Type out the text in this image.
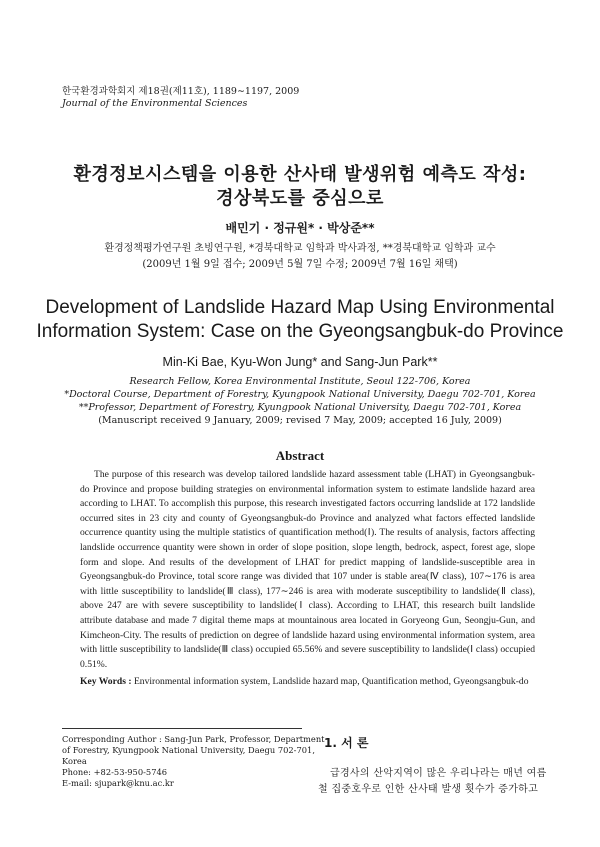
한국환경과학회지 제18권(제11호), 1189∼1197, 2009
Journal of the Environmental Sciences
환경정보시스템을 이용한 산사태 발생위험 예측도 작성:
경상북도를 중심으로
배민기 · 정규원* · 박상준**
환경정책평가연구원 초빙연구원, *경북대학교 임학과 박사과정, **경북대학교 임학과 교수
(2009년 1월 9일 접수; 2009년 5월 7일 수정; 2009년 7월 16일 채택)
Development of Landslide Hazard Map Using Environmental
Information System: Case on the Gyeongsangbuk-do Province
Min-Ki Bae, Kyu-Won Jung* and Sang-Jun Park**
Research Fellow, Korea Environmental Institute, Seoul 122-706, Korea
*Doctoral Course, Department of Forestry, Kyungpook National University, Daegu 702-701, Korea
**Professor, Department of Forestry, Kyungpook National University, Daegu 702-701, Korea
(Manuscript received 9 January, 2009; revised 7 May, 2009; accepted 16 July, 2009)
Abstract

The purpose of this research was develop tailored landslide hazard assessment table (LHAT) in Gyeongsangbuk-do Province and propose building strategies on environmental information system to estimate landslide hazard area according to LHAT. To accomplish this purpose, this research investigated factors occurring landslide at 172 landslide occurred sites in 23 city and county of Gyeongsangbuk-do Province and analyzed what factors effected landslide occurrence quantity using the multiple statistics of quantification method(Ⅰ). The results of analysis, factors affecting landslide occurrence quantity were shown in order of slope position, slope length, bedrock, aspect, forest age, slope form and slope. And results of the development of LHAT for predict mapping of landslide-susceptible area in Gyeongsangbuk-do Province, total score range was divided that 107 under is stable area(Ⅳ class), 107∼176 is area with little susceptibility to landslide(Ⅲ class), 177∼246 is area with moderate susceptibility to landslide(Ⅱ class), above 247 are with severe susceptibility to landslide(Ⅰ class). According to LHAT, this research built landslide attribute database and made 7 digital theme maps at mountainous area located in Goryeong Gun, Seongju-Gun, and Kimcheon-City. The results of prediction on degree of landslide hazard using environmental information system, area with little susceptibility to landslide(Ⅲ class) occupied 65.56% and severe susceptibility to landslide(Ⅰ class) occupied 0.51%.

Key Words : Environmental information system, Landslide hazard map, Quantification method, Gyeongsangbuk-do
Corresponding Author : Sang-Jun Park, Professor, Department
of Forestry, Kyungpook National University, Daegu 702-701,
Korea
Phone: +82-53-950-5746
E-mail: sjupark@knu.ac.kr
1. 서 론
급경사의 산악지역이 많은 우리나라는 매년 여름
철 집중호우로 인한 산사태 발생 횟수가 증가하고
